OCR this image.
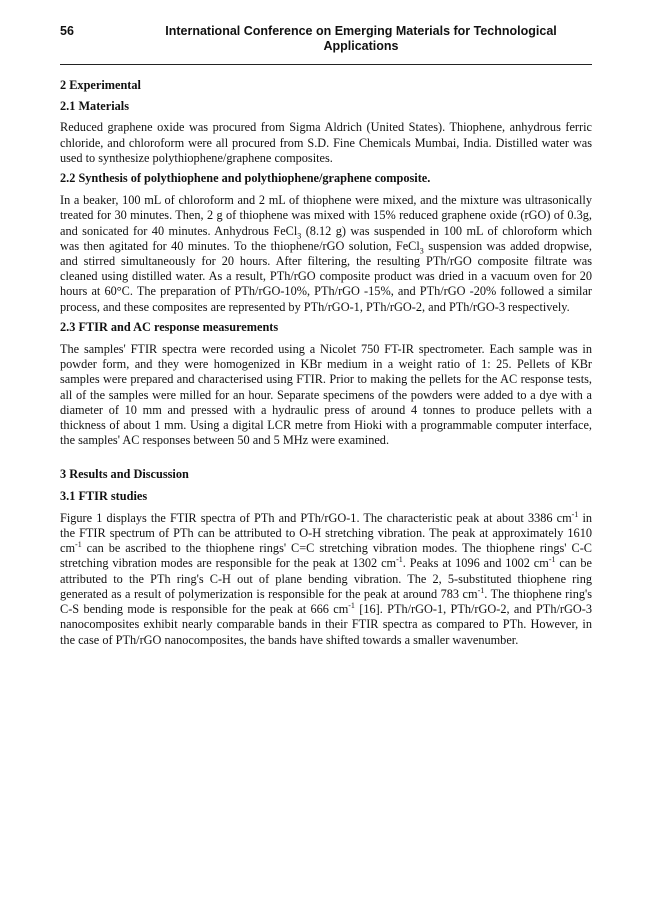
56	International Conference on Emerging Materials for Technological Applications

2 Experimental

2.1 Materials

Reduced graphene oxide was procured from Sigma Aldrich (United States). Thiophene, anhydrous ferric chloride, and chloroform were all procured from S.D. Fine Chemicals Mumbai, India. Distilled water was used to synthesize polythiophene/graphene composites.

2.2 Synthesis of polythiophene and polythiophene/graphene composite.

In a beaker, 100 mL of chloroform and 2 mL of thiophene were mixed, and the mixture was ultrasonically treated for 30 minutes. Then, 2 g of thiophene was mixed with 15% reduced graphene oxide (rGO) of 0.3g, and sonicated for 40 minutes. Anhydrous FeCl$_3$ (8.12 g) was suspended in 100 mL of chloroform which was then agitated for 40 minutes. To the thiophene/rGO solution, FeCl$_3$ suspension was added dropwise, and stirred simultaneously for 20 hours. After filtering, the resulting PTh/rGO composite filtrate was cleaned using distilled water. As a result, PTh/rGO composite product was dried in a vacuum oven for 20 hours at 60°C. The preparation of PTh/rGO-10%, PTh/rGO -15%, and PTh/rGO -20% followed a similar process, and these composites are represented by PTh/rGO-1, PTh/rGO-2, and PTh/rGO-3 respectively.

2.3 FTIR and AC response measurements

The samples' FTIR spectra were recorded using a Nicolet 750 FT-IR spectrometer. Each sample was in powder form, and they were homogenized in KBr medium in a weight ratio of 1: 25. Pellets of KBr samples were prepared and characterised using FTIR. Prior to making the pellets for the AC response tests, all of the samples were milled for an hour. Separate specimens of the powders were added to a dye with a diameter of 10 mm and pressed with a hydraulic press of around 4 tonnes to produce pellets with a thickness of about 1 mm. Using a digital LCR metre from Hioki with a programmable computer interface, the samples' AC responses between 50 and 5 MHz were examined.

3 Results and Discussion

3.1 FTIR studies

Figure 1 displays the FTIR spectra of PTh and PTh/rGO-1. The characteristic peak at about 3386 $cm^{-1}$ in the FTIR spectrum of PTh can be attributed to O-H stretching vibration. The peak at approximately 1610 $cm^{-1}$ can be ascribed to the thiophene rings' C=C stretching vibration modes. The thiophene rings' C-C stretching vibration modes are responsible for the peak at 1302 $cm^{-1}$. Peaks at 1096 and 1002 $cm^{-1}$ can be attributed to the PTh ring's C-H out of plane bending vibration. The 2, 5-substituted thiophene ring generated as a result of polymerization is responsible for the peak at around 783 $cm^{-1}$. The thiophene ring's C-S bending mode is responsible for the peak at 666 $cm^{-1}$ [16]. PTh/rGO-1, PTh/rGO-2, and PTh/rGO-3 nanocomposites exhibit nearly comparable bands in their FTIR spectra as compared to PTh. However, in the case of PTh/rGO nanocomposites, the bands have shifted towards a smaller wavenumber.
